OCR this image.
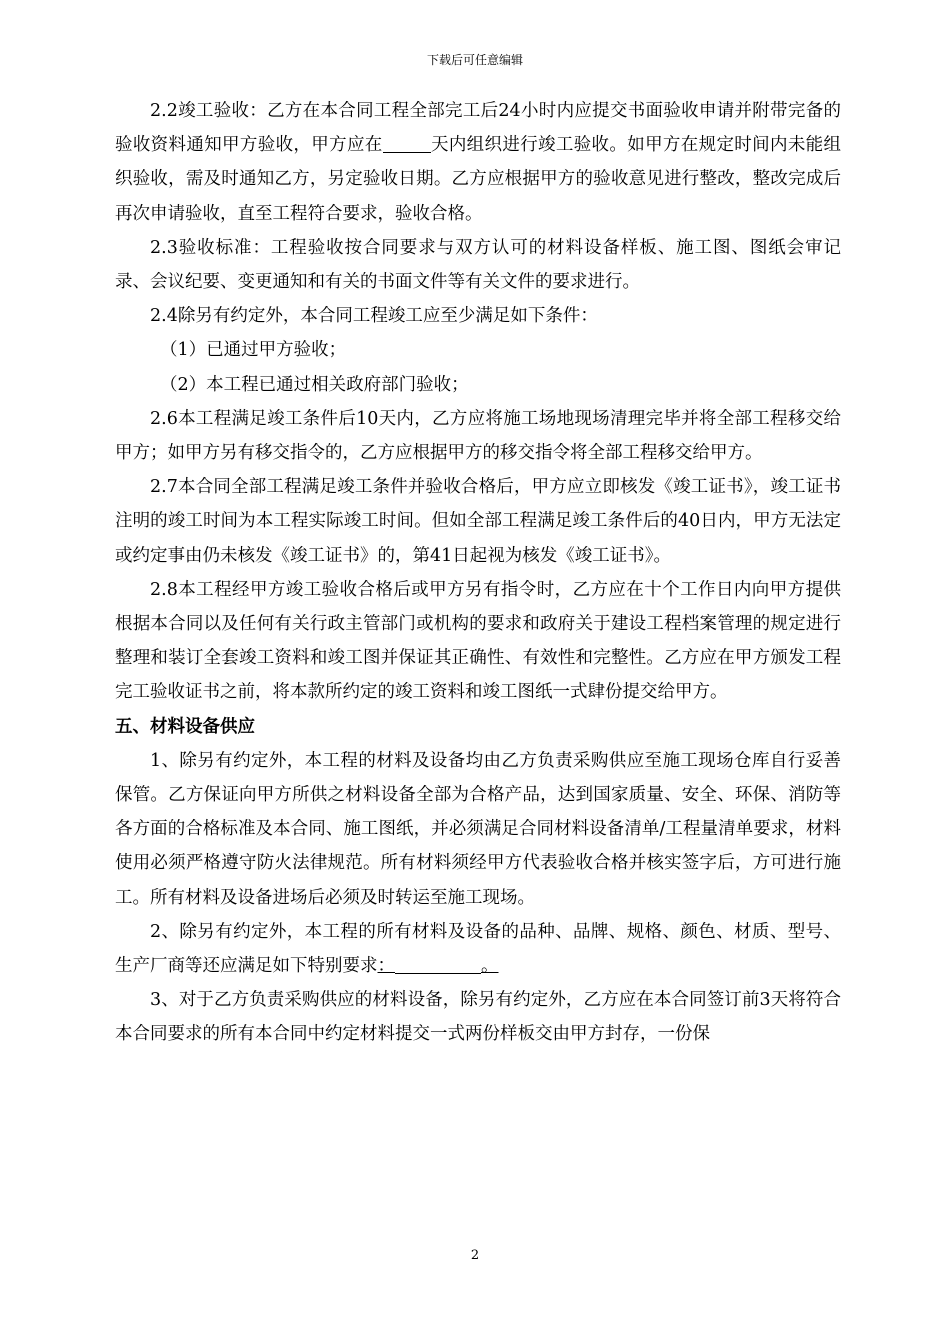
下载后可任意编辑

2.2竣工验收：乙方在本合同工程全部完工后24小时内应提交书面验收申请并附带完备的验收资料通知甲方验收，甲方应在	天内组织进行竣工验收。如甲方在规定时间内未能组织验收，需及时通知乙方，另定验收日期。乙方应根据甲方的验收意见进行整改，整改完成后再次申请验收，直至工程符合要求，验收合格。

2.3验收标准：工程验收按合同要求与双方认可的材料设备样板、施工图、图纸会审记录、会议纪要、变更通知和有关的书面文件等有关文件的要求进行。

2.4除另有约定外，本合同工程竣工应至少满足如下条件：

（1）已通过甲方验收；

（2）本工程已通过相关政府部门验收；

2.6本工程满足竣工条件后10天内，乙方应将施工场地现场清理完毕并将全部工程移交给甲方；如甲方另有移交指令的，乙方应根据甲方的移交指令将全部工程移交给甲方。

2.7本合同全部工程满足竣工条件并验收合格后，甲方应立即核发《竣工证书》，竣工证书注明的竣工时间为本工程实际竣工时间。但如全部工程满足竣工条件后的40日内，甲方无法定或约定事由仍未核发《竣工证书》的，第41日起视为核发《竣工证书》。

2.8本工程经甲方竣工验收合格后或甲方另有指令时，乙方应在十个工作日内向甲方提供根据本合同以及任何有关行政主管部门或机构的要求和政府关于建设工程档案管理的规定进行整理和装订全套竣工资料和竣工图并保证其正确性、有效性和完整性。乙方应在甲方颁发工程完工验收证书之前，将本款所约定的竣工资料和竣工图纸一式肆份提交给甲方。

五、材料设备供应

1、除另有约定外，本工程的材料及设备均由乙方负责采购供应至施工现场仓库自行妥善保管。乙方保证向甲方所供之材料设备全部为合格产品，达到国家质量、安全、环保、消防等各方面的合格标准及本合同、施工图纸，并必须满足合同材料设备清单/工程量清单要求，材料使用必须严格遵守防火法律规范。所有材料须经甲方代表验收合格并核实签字后，方可进行施工。所有材料及设备进场后必须及时转运至施工现场。

2、除另有约定外，本工程的所有材料及设备的品种、品牌、规格、颜色、材质、型号、生产厂商等还应满足如下特别要求：	。

3、对于乙方负责采购供应的材料设备，除另有约定外，乙方应在本合同签订前3天将符合本合同要求的所有本合同中约定材料提交一式两份样板交由甲方封存，一份保

2
